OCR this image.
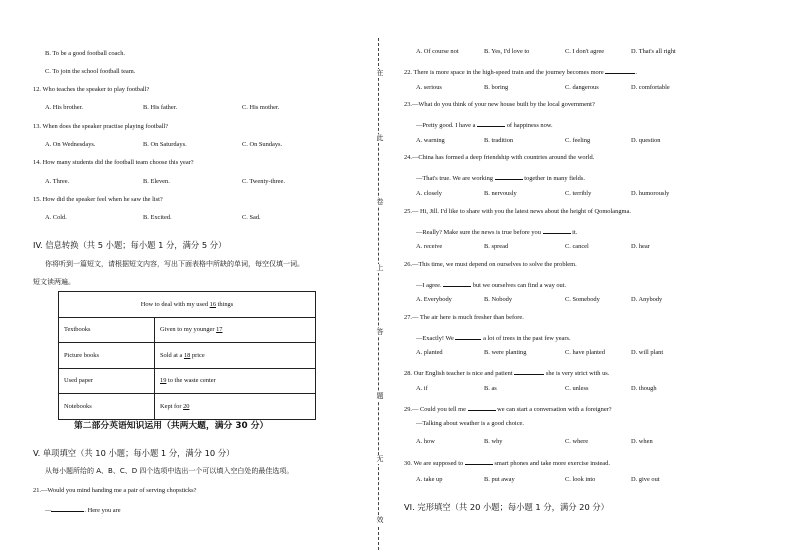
B. To be a good football coach.
C. To join the school football team.
12. Who teaches the speaker to play football?
A. His brother.	B. His father.	C. His mother.
13. When does the speaker practise playing football?
A. On Wednesdays.	B. On Saturdays.	C. On Sundays.
14. How many students did the football team choose this year?
A. Three.	B. Eleven.	C. Twenty-three.
15. How did the speaker feel when he saw the list?
A. Cold.	B. Excited.	C. Sad.
IV. 信息转换（共 5 小题；每小题 1 分，满分 5 分）
你将听到一篇短文，请根据短文内容，写出下面表格中所缺的单词，每空仅填一词。
短文读两遍。
How to deal with my used 16 things	
Textbooks	Given to my younger 17
Picture books	Sold at a 18 price
Used paper	19 to the waste center
Notebooks	Kept for 20
第二部分英语知识运用（共两大题，满分 30 分）
V. 单项填空（共 10 小题；每小题 1 分，满分 10 分）
从每小题所给的 A、B、C、D 四个选项中选出一个可以填入空白处的最佳选项。
21.—Would you mind handing me a pair of serving chopsticks?
—	. Here you are
在
此
卷
上
答
题
无
效
A. Of course not	B. Yes, I'd love to	C. I don't agree	D. That's all right
22. There is more space in the high-speed train and the journey becomes more	.
A. serious	B. boring	C. dangerous	D. comfortable
23.—What do you think of your new house built by the local government?
—Pretty good. I have a	of happiness now.
A. warning	B. tradition	C. feeling	D. question
24.—China has formed a deep friendship with countries around the world.
—That's true. We are working	together in many fields.
A. closely	B. nervously	C. terribly	D. humorously
25.— Hi, Jill. I'd like to share with you the latest news about the height of Qomolangma.
—Really? Make sure the news is true before you	it.
A. receive	B. spread	C. cancel	D. hear
26.—This time, we must depend on ourselves to solve the problem.
—I agree.	but we ourselves can find a way out.
A. Everybody	B. Nobody	C. Somebody	D. Anybody
27.— The air here is much fresher than before.
—Exactly! We	a lot of trees in the past few years.
A. planted	B. were planting	C. have planted	D. will plant
28. Our English teacher is nice and patient	she is very strict with us.
A. if	B. as	C. unless	D. though
29.— Could you tell me	we can start a conversation with a foreigner?
—Talking about weather is a good choice.
A. how	B. why	C. where	D. when
30. We are supposed to	smart phones and take more exercise instead.
A. take up	B. put away	C. look into	D. give out
VI. 完形填空（共 20 小题；每小题 1 分，满分 20 分）
